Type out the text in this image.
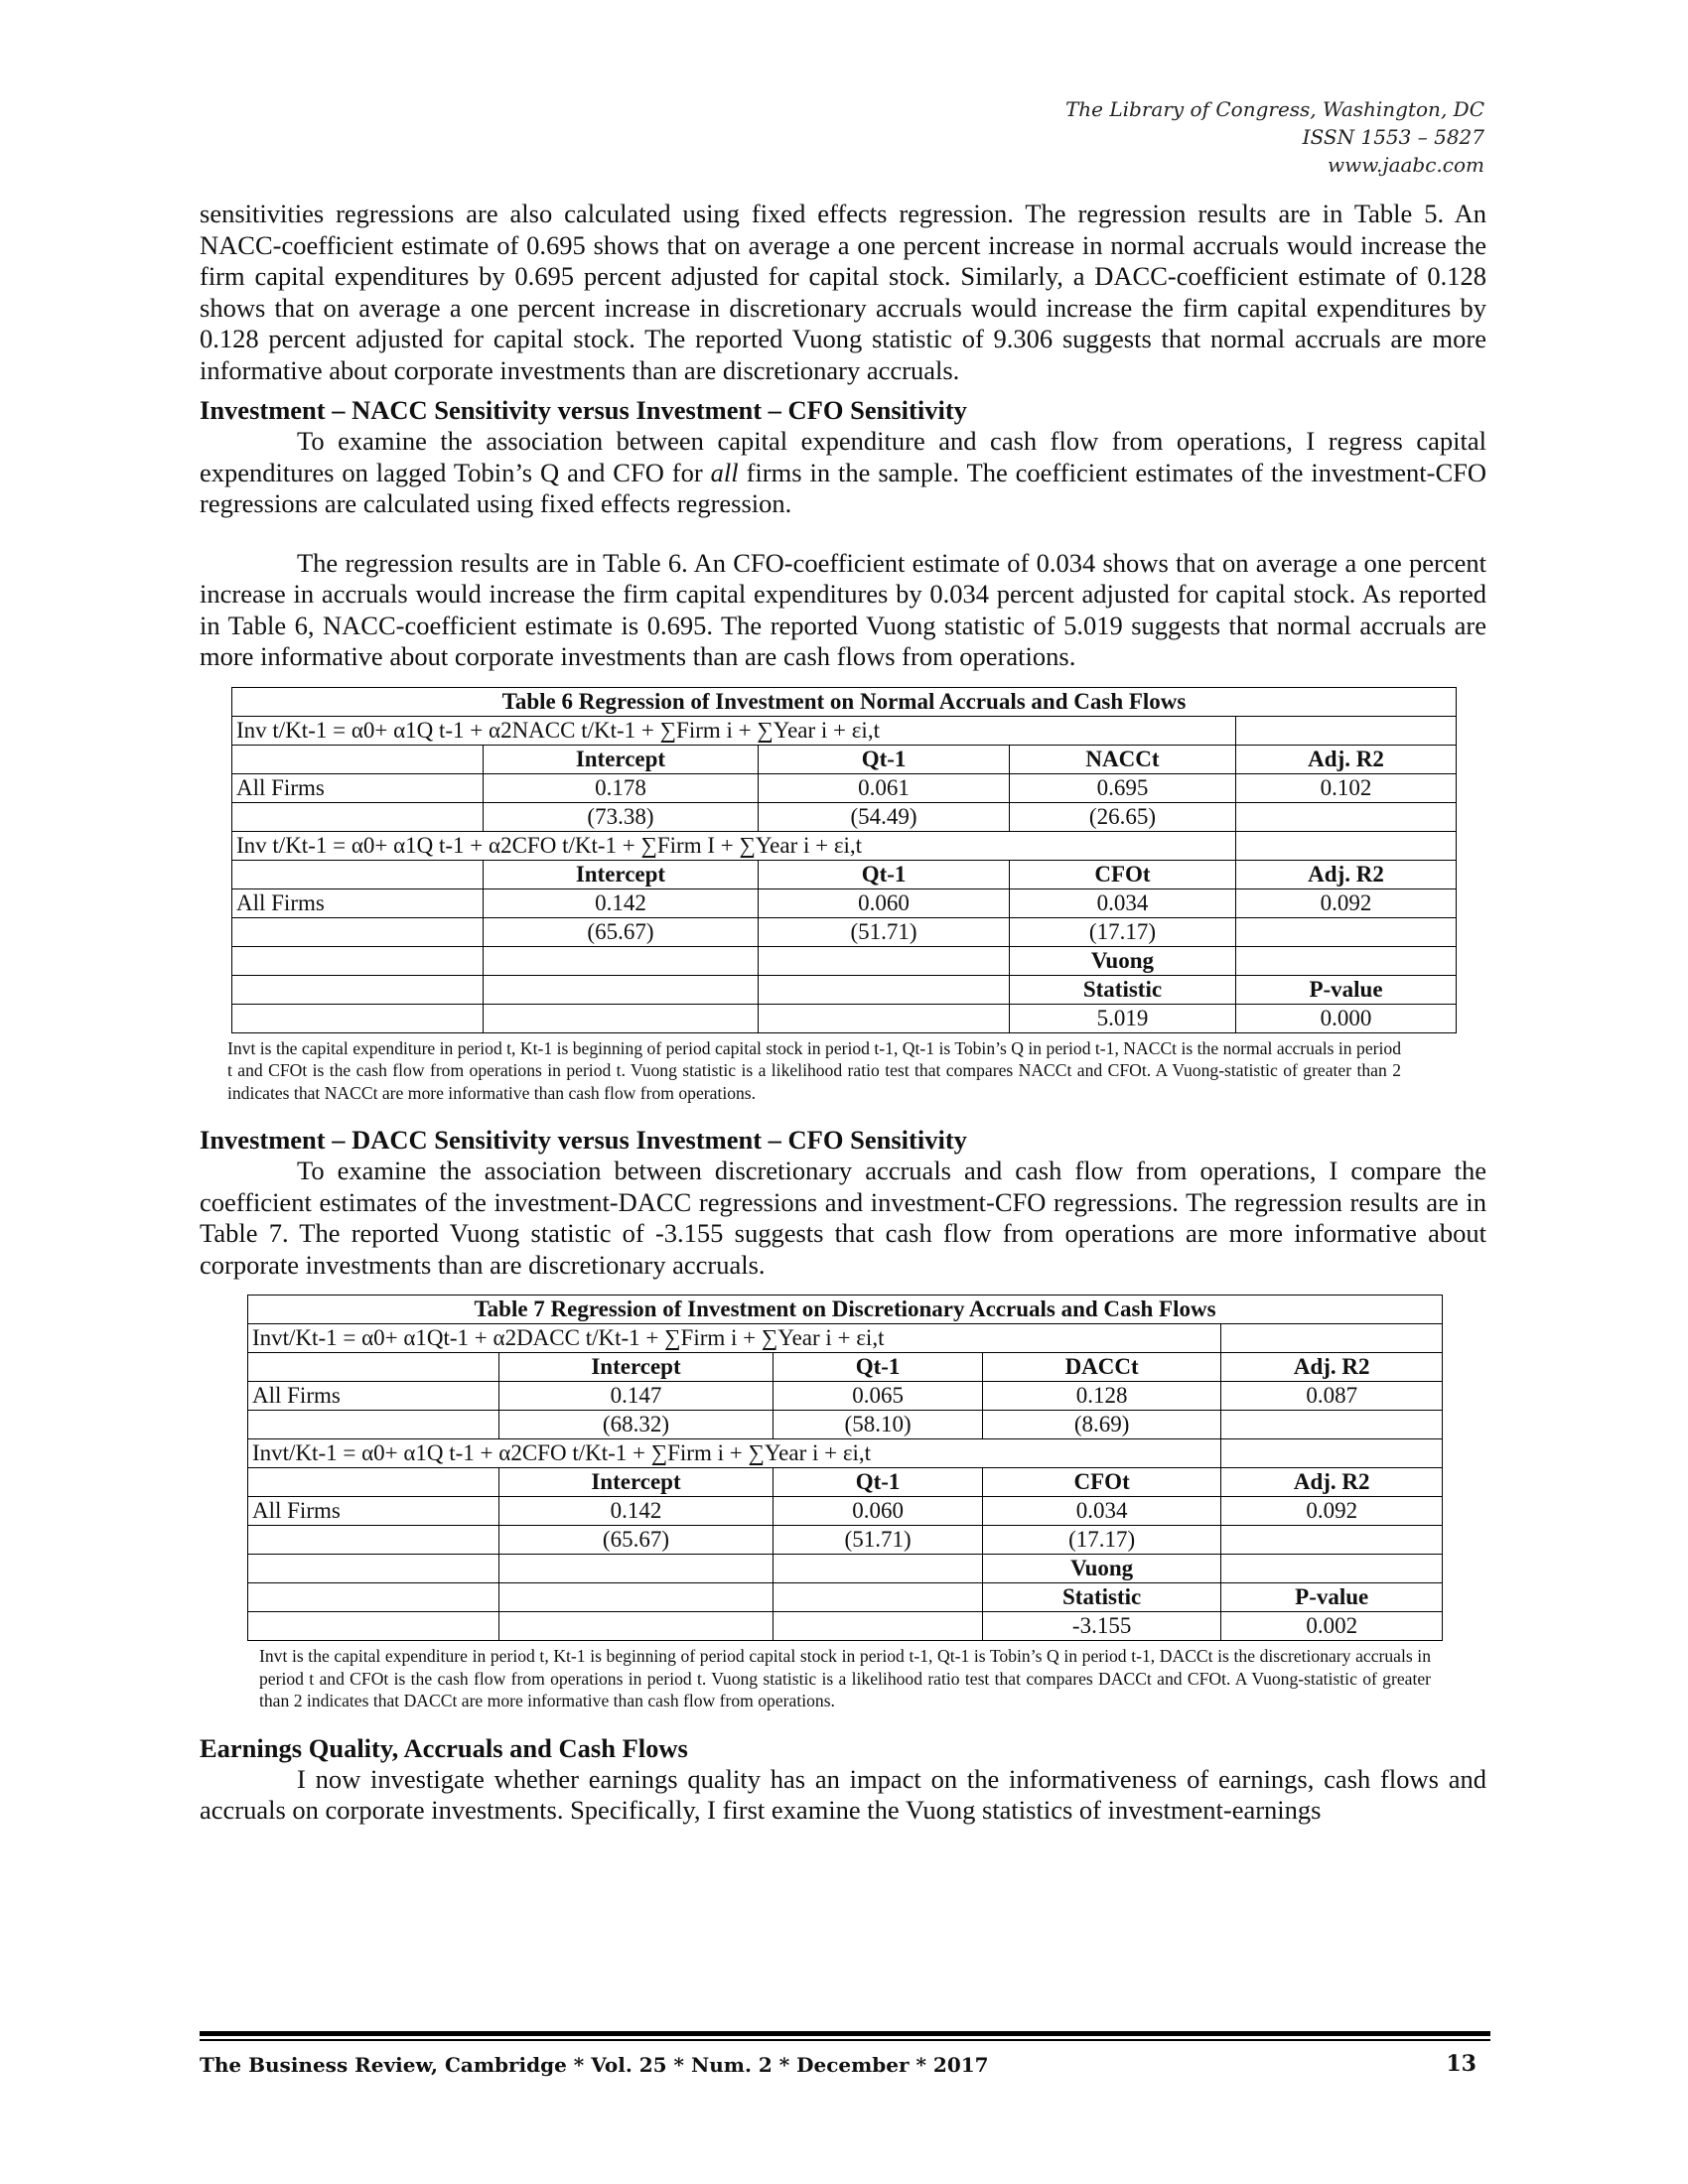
The Library of Congress, Washington, DC
ISSN 1553 – 5827
www.jaabc.com

sensitivities regressions are also calculated using fixed effects regression. The regression results are in Table 5. An NACC-coefficient estimate of 0.695 shows that on average a one percent increase in normal accruals would increase the firm capital expenditures by 0.695 percent adjusted for capital stock. Similarly, a DACC-coefficient estimate of 0.128 shows that on average a one percent increase in discretionary accruals would increase the firm capital expenditures by 0.128 percent adjusted for capital stock. The reported Vuong statistic of 9.306 suggests that normal accruals are more informative about corporate investments than are discretionary accruals.

Investment – NACC Sensitivity versus Investment – CFO Sensitivity

To examine the association between capital expenditure and cash flow from operations, I regress capital expenditures on lagged Tobin’s Q and CFO for all firms in the sample. The coefficient estimates of the investment-CFO regressions are calculated using fixed effects regression.

The regression results are in Table 6. An CFO-coefficient estimate of 0.034 shows that on average a one percent increase in accruals would increase the firm capital expenditures by 0.034 percent adjusted for capital stock. As reported in Table 6, NACC-coefficient estimate is 0.695. The reported Vuong statistic of 5.019 suggests that normal accruals are more informative about corporate investments than are cash flows from operations.

Table 6 Regression of Investment on Normal Accruals and Cash Flows				
Inv t/Kt-1 = α0+ α1Q t-1 + α2NACC t/Kt-1 + ∑Firm i + ∑Year i + εi,t				
	Intercept	Qt-1	NACCt	Adj. R2
All Firms	0.178	0.061	0.695	0.102
	(73.38)	(54.49)	(26.65)	
Inv t/Kt-1 = α0+ α1Q t-1 + α2CFO t/Kt-1 + ∑Firm I + ∑Year i + εi,t				
	Intercept	Qt-1	CFOt	Adj. R2
All Firms	0.142	0.060	0.034	0.092
	(65.67)	(51.71)	(17.17)	
			Vuong	
			Statistic	P-value
			5.019	0.000
Invt is the capital expenditure in period t, Kt-1 is beginning of period capital stock in period t-1, Qt-1 is Tobin’s Q in period t-1, NACCt is the normal accruals in period t and CFOt is the cash flow from operations in period t. Vuong statistic is a likelihood ratio test that compares NACCt and CFOt. A Vuong-statistic of greater than 2 indicates that NACCt are more informative than cash flow from operations.
Investment – DACC Sensitivity versus Investment – CFO Sensitivity

To examine the association between discretionary accruals and cash flow from operations, I compare the coefficient estimates of the investment-DACC regressions and investment-CFO regressions. The regression results are in Table 7. The reported Vuong statistic of -3.155 suggests that cash flow from operations are more informative about corporate investments than are discretionary accruals.

Table 7 Regression of Investment on Discretionary Accruals and Cash Flows				
Invt/Kt-1 = α0+ α1Qt-1 + α2DACC t/Kt-1 + ∑Firm i + ∑Year i + εi,t				
	Intercept	Qt-1	DACCt	Adj. R2
All Firms	0.147	0.065	0.128	0.087
	(68.32)	(58.10)	(8.69)	
Invt/Kt-1 = α0+ α1Q t-1 + α2CFO t/Kt-1 + ∑Firm i + ∑Year i + εi,t				
	Intercept	Qt-1	CFOt	Adj. R2
All Firms	0.142	0.060	0.034	0.092
	(65.67)	(51.71)	(17.17)	
			Vuong	
			Statistic	P-value
			-3.155	0.002
Invt is the capital expenditure in period t, Kt-1 is beginning of period capital stock in period t-1, Qt-1 is Tobin’s Q in period t-1, DACCt is the discretionary accruals in period t and CFOt is the cash flow from operations in period t. Vuong statistic is a likelihood ratio test that compares DACCt and CFOt. A Vuong-statistic of greater than 2 indicates that DACCt are more informative than cash flow from operations.
Earnings Quality, Accruals and Cash Flows

I now investigate whether earnings quality has an impact on the informativeness of earnings, cash flows and accruals on corporate investments. Specifically, I first examine the Vuong statistics of investment-earnings

The Business Review, Cambridge * Vol. 25 * Num. 2 * December * 2017	13
